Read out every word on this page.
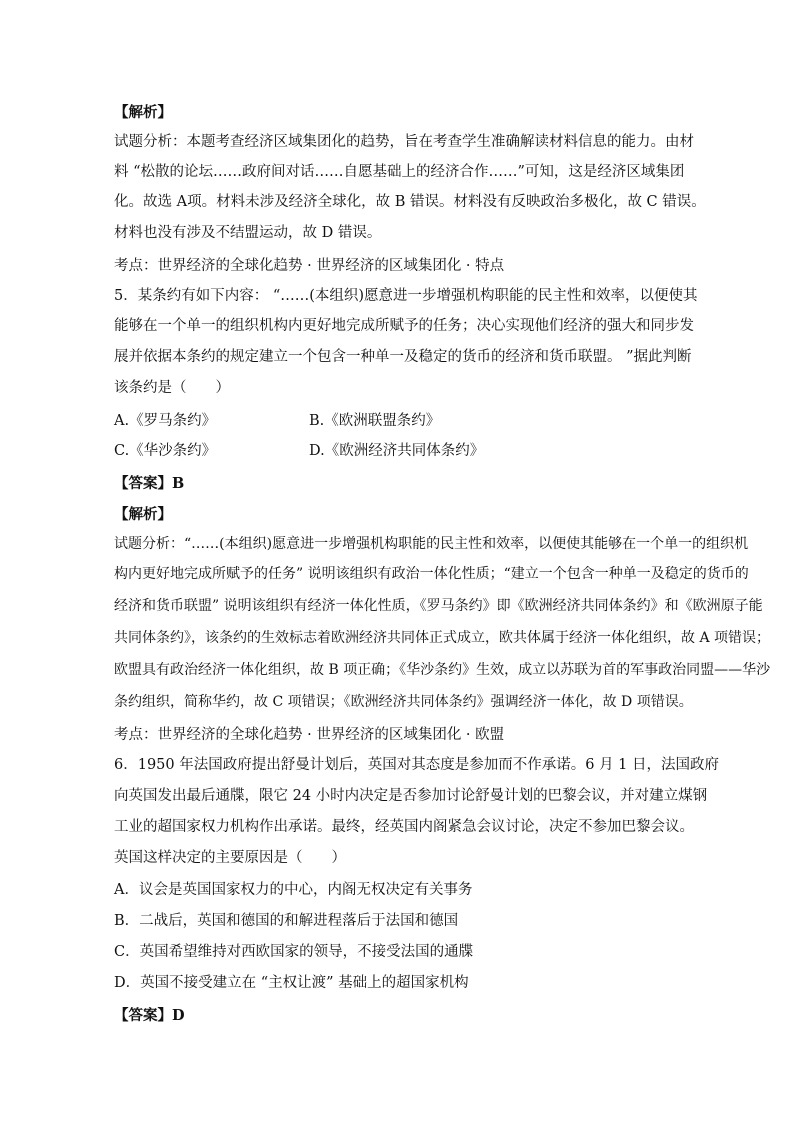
【解析】
试题分析：本题考查经济区域集团化的趋势，旨在考查学生准确解读材料信息的能力。由材
料 “松散的论坛……政府间对话……自愿基础上的经济合作……”可知，这是经济区域集团
化。故选 A项。材料未涉及经济全球化，故 B 错误。材料没有反映政治多极化，故 C 错误。
材料也没有涉及不结盟运动，故 D 错误。
考点：世界经济的全球化趋势 · 世界经济的区域集团化 · 特点
5．某条约有如下内容： “……(本组织)愿意进一步增强机构职能的民主性和效率，以便使其
能够在一个单一的组织机构内更好地完成所赋予的任务；决心实现他们经济的强大和同步发
展并依据本条约的规定建立一个包含一种单一及稳定的货币的经济和货币联盟。 ”据此判断
该条约是（　　）
A.《罗马条约》	B.《欧洲联盟条约》
C.《华沙条约》	D.《欧洲经济共同体条约》
【答案】B
【解析】
试题分析：“……(本组织)愿意进一步增强机构职能的民主性和效率，以便使其能够在一个单一的组织机
构内更好地完成所赋予的任务” 说明该组织有政治一体化性质；“建立一个包含一种单一及稳定的货币的
经济和货币联盟” 说明该组织有经济一体化性质，《罗马条约》即《欧洲经济共同体条约》和《欧洲原子能
共同体条约》，该条约的生效标志着欧洲经济共同体正式成立，欧共体属于经济一体化组织，故 A 项错误；
欧盟具有政治经济一体化组织，故 B 项正确；《华沙条约》生效，成立以苏联为首的军事政治同盟——华沙
条约组织，简称华约，故 C 项错误；《欧洲经济共同体条约》强调经济一体化，故 D 项错误。
考点：世界经济的全球化趋势 · 世界经济的区域集团化 · 欧盟
6．1950 年法国政府提出舒曼计划后，英国对其态度是参加而不作承诺。6 月 1 日，法国政府
向英国发出最后通牒，限它 24 小时内决定是否参加讨论舒曼计划的巴黎会议，并对建立煤钢
工业的超国家权力机构作出承诺。最终，经英国内阁紧急会议讨论，决定不参加巴黎会议。
英国这样决定的主要原因是（　　）
A．议会是英国国家权力的中心，内阁无权决定有关事务
B．二战后，英国和德国的和解进程落后于法国和德国
C．英国希望维持对西欧国家的领导，不接受法国的通牒
D．英国不接受建立在 “主权让渡” 基础上的超国家机构
【答案】D
